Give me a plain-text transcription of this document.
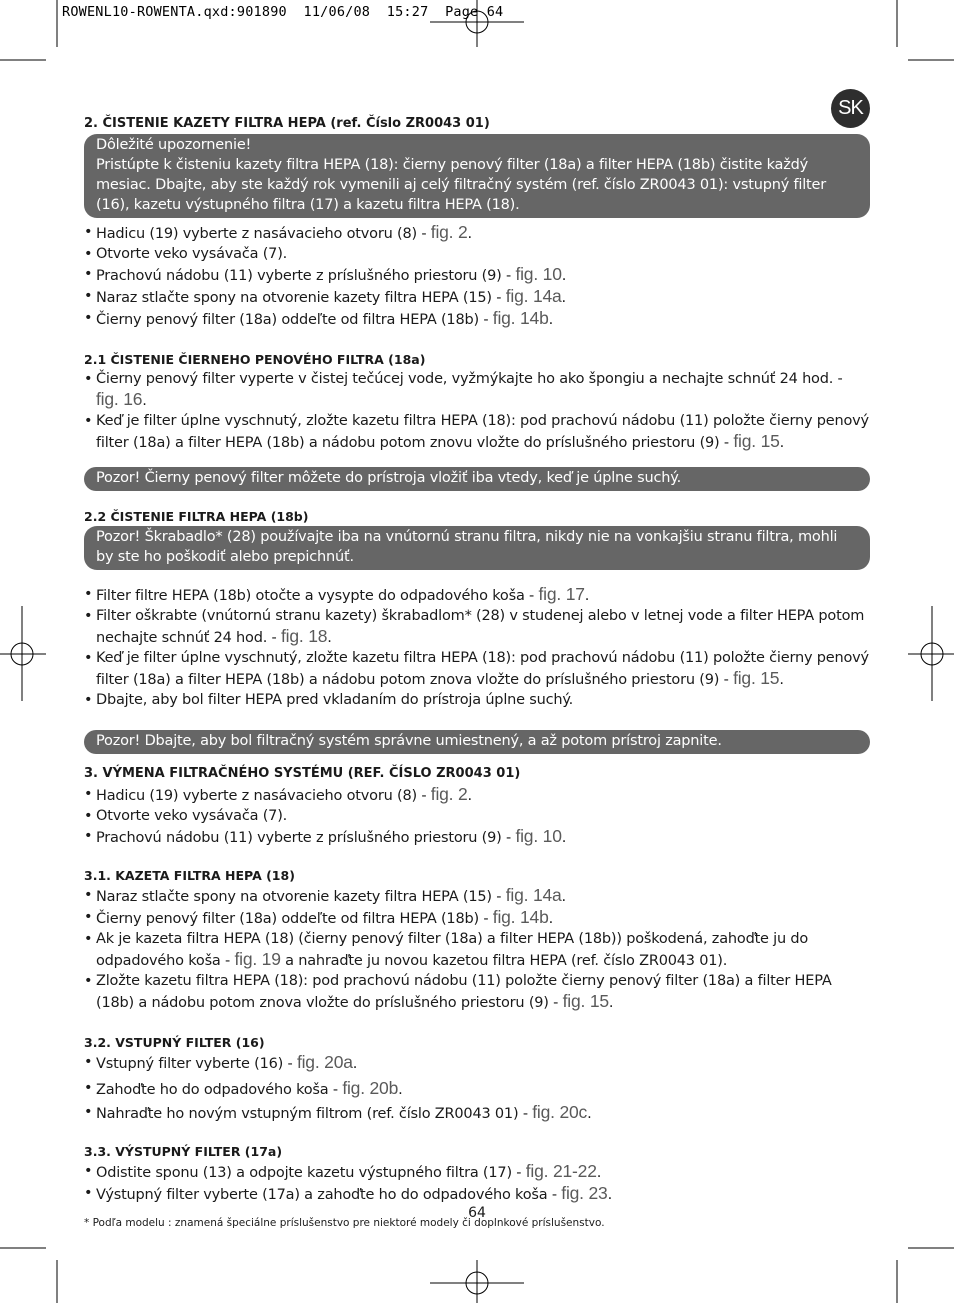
ROWENL10-ROWENTA.qxd:901890  11/06/08  15:27  Page 64
SK
2. ČISTENIE KAZETY FILTRA HEPA (ref. Číslo ZR0043 01)

Dôležité upozornenie!

Pristúpte k čisteniu kazety filtra HEPA (18): čierny penový filter (18a) a filter HEPA (18b) čistite každý mesiac. Dbajte, aby ste každý rok vymenili aj celý filtračný systém (ref. číslo ZR0043 01): vstupný filter (16), kazetu výstupného filtra (17) a kazetu filtra HEPA (18).

• Hadicu (19) vyberte z nasávacieho otvoru (8) - fig. 2.
• Otvorte veko vysávača (7).
• Prachovú nádobu (11) vyberte z príslušného priestoru (9) - fig. 10.
• Naraz stlačte spony na otvorenie kazety filtra HEPA (15) - fig. 14a.
• Čierny penový filter (18a) oddeľte od filtra HEPA (18b) - fig. 14b.
2.1 ČISTENIE ČIERNEHO PENOVÉHO FILTRA (18a)
• Čierny penový filter vyperte v čistej tečúcej vode, vyžmýkajte ho ako špongiu a nechajte schnúť 24 hod. - fig. 16.
• Keď je filter úplne vyschnutý, zložte kazetu filtra HEPA (18): pod prachovú nádobu (11) položte čierny penový filter (18a) a filter HEPA (18b) a nádobu potom znovu vložte do príslušného priestoru (9) - fig. 15.

Pozor! Čierny penový filter môžete do prístroja vložiť iba vtedy, keď je úplne suchý.

2.2 ČISTENIE FILTRA HEPA (18b)

Pozor! Škrabadlo* (28) používajte iba na vnútornú stranu filtra, nikdy nie na vonkajšiu stranu filtra, mohli by ste ho poškodiť alebo prepichnúť.

• Filter filtre HEPA (18b) otočte a vysypte do odpadového koša - fig. 17.
• Filter oškrabte (vnútornú stranu kazety) škrabadlom* (28) v studenej alebo v letnej vode a filter HEPA potom nechajte schnúť 24 hod. - fig. 18.
• Keď je filter úplne vyschnutý, zložte kazetu filtra HEPA (18): pod prachovú nádobu (11) položte čierny penový filter (18a) a filter HEPA (18b) a nádobu potom znova vložte do príslušného priestoru (9) - fig. 15.
• Dbajte, aby bol filter HEPA pred vkladaním do prístroja úplne suchý.

Pozor! Dbajte, aby bol filtračný systém správne umiestnený, a až potom prístroj zapnite.

3. VÝMENA FILTRAČNÉHO SYSTÉMU (REF. ČÍSLO ZR0043 01)
• Hadicu (19) vyberte z nasávacieho otvoru (8) - fig. 2.
• Otvorte veko vysávača (7).
• Prachovú nádobu (11) vyberte z príslušného priestoru (9) - fig. 10.
3.1. KAZETA FILTRA HEPA (18)
• Naraz stlačte spony na otvorenie kazety filtra HEPA (15) - fig. 14a.
• Čierny penový filter (18a) oddeľte od filtra HEPA (18b) - fig. 14b.
• Ak je kazeta filtra HEPA (18) (čierny penový filter (18a) a filter HEPA (18b)) poškodená, zahoďte ju do odpadového koša - fig. 19 a nahraďte ju novou kazetou filtra HEPA (ref. číslo ZR0043 01).
• Zložte kazetu filtra HEPA (18): pod prachovú nádobu (11) položte čierny penový filter (18a) a filter HEPA (18b) a nádobu potom znova vložte do príslušného priestoru (9) - fig. 15.
3.2. VSTUPNÝ FILTER (16)
• Vstupný filter vyberte (16) - fig. 20a.
• Zahoďte ho do odpadového koša - fig. 20b.
• Nahraďte ho novým vstupným filtrom (ref. číslo ZR0043 01) - fig. 20c.
3.3. VÝSTUPNÝ FILTER (17a)
• Odistite sponu (13) a odpojte kazetu výstupného filtra (17) - fig. 21-22.
• Výstupný filter vyberte (17a) a zahoďte ho do odpadového koša - fig. 23.
* Podľa modelu : znamená špeciálne príslušenstvo pre niektoré modely či doplnkové príslušenstvo.
64
